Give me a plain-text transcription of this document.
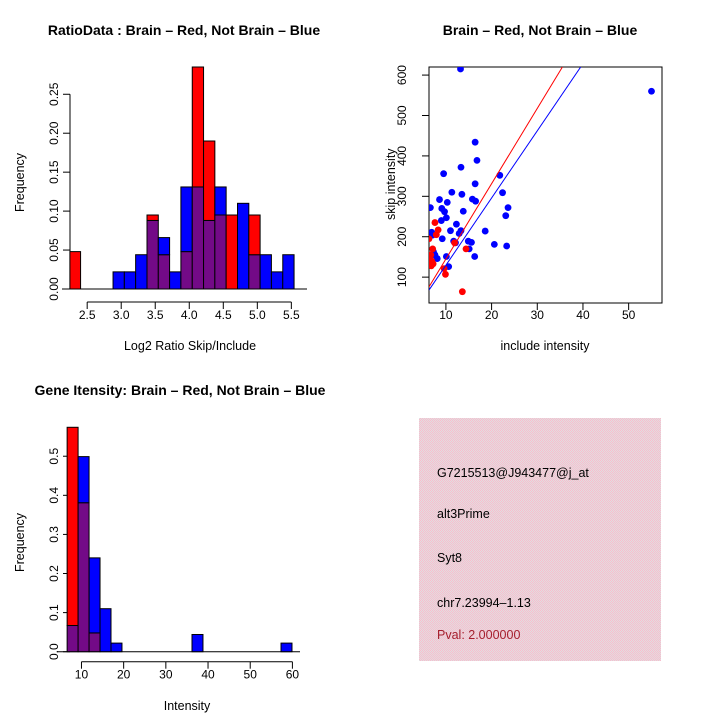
0.00
0.05
0.10
0.15
0.20
0.25
2.5 3.0 3.5 4.0 4.5 5.0 5.5
RatioData : Brain – Red, Not Brain – Blue
Log2 Ratio Skip/Include
Frequency
100
200
300
400
500
600
10	20	30	40	50
Brain – Red, Not Brain – Blue
include intensity
skip intensity
0.0
0.1
0.2
0.3
0.4
0.5
10 20 30 40 50 60
Gene Itensity: Brain – Red, Not Brain – Blue
Intensity
Frequency
G7215513@J943477@j_at
alt3Prime
Syt8
chr7.23994–1.13
Pval: 2.000000
